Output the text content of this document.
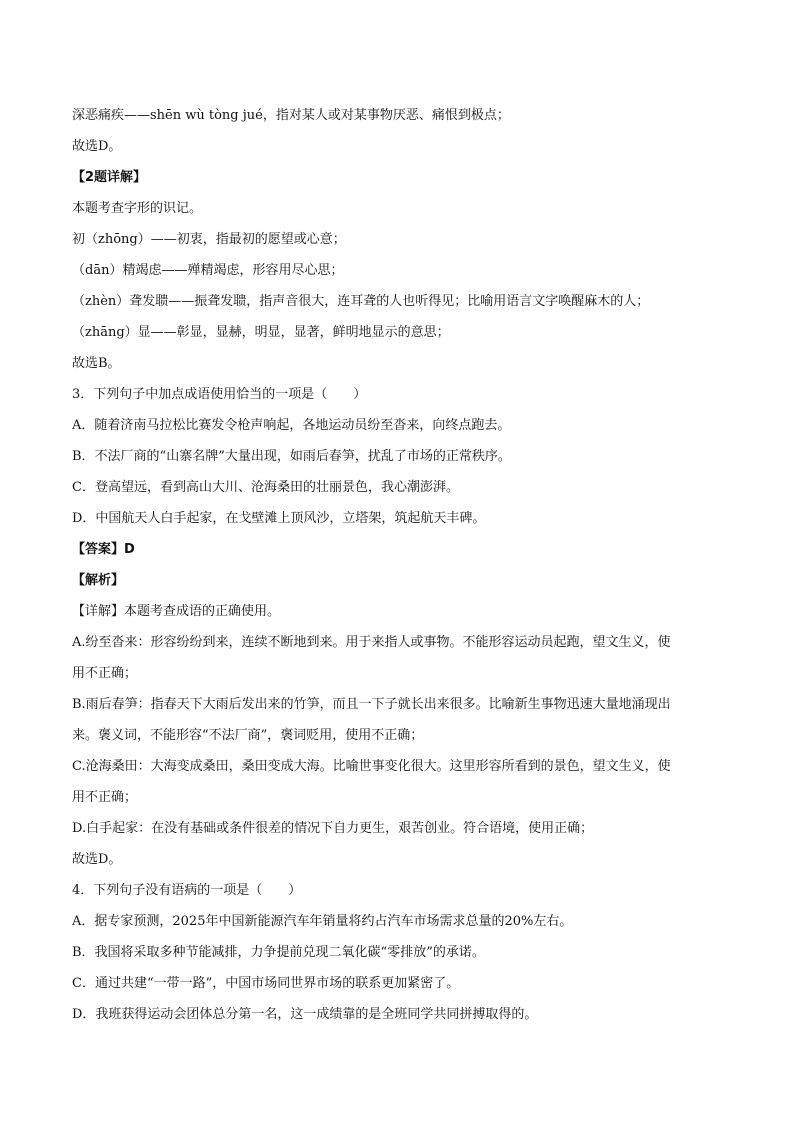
深恶痛疾——shēn wù tòng jué，指对某人或对某事物厌恶、痛恨到极点；
故选D。
【2题详解】
本题考查字形的识记。
初（zhōng）——初衷，指最初的愿望或心意；
（dān）精竭虑——殚精竭虑，形容用尽心思；
（zhèn）聋发聩——振聋发聩，指声音很大，连耳聋的人也听得见；比喻用语言文字唤醒麻木的人；
（zhāng）显——彰显，显赫，明显，显著，鲜明地显示的意思；
故选B。
3．下列句子中加点成语使用恰当的一项是（　　）
A．随着济南马拉松比赛发令枪声响起，各地运动员纷至沓来，向终点跑去。
B．不法厂商的“山寨名牌”大量出现，如雨后春笋，扰乱了市场的正常秩序。
C．登高望远，看到高山大川、沧海桑田的壮丽景色，我心潮澎湃。
D．中国航天人白手起家，在戈壁滩上顶风沙，立塔架，筑起航天丰碑。
【答案】D
【解析】
【详解】本题考查成语的正确使用。
A.纷至沓来：形容纷纷到来，连续不断地到来。用于来指人或事物。不能形容运动员起跑，望文生义，使
用不正确；
B.雨后春笋：指春天下大雨后发出来的竹笋，而且一下子就长出来很多。比喻新生事物迅速大量地涌现出
来。褒义词，不能形容“不法厂商”，褒词贬用，使用不正确；
C.沧海桑田：大海变成桑田，桑田变成大海。比喻世事变化很大。这里形容所看到的景色，望文生义，使
用不正确；
D.白手起家：在没有基础或条件很差的情况下自力更生，艰苦创业。符合语境，使用正确；
故选D。
4．下列句子没有语病的一项是（　　）
A．据专家预测，2025年中国新能源汽车年销量将约占汽车市场需求总量的20%左右。
B．我国将采取多种节能减排，力争提前兑现二氧化碳“零排放”的承诺。
C．通过共建“一带一路”，中国市场同世界市场的联系更加紧密了。
D．我班获得运动会团体总分第一名，这一成绩靠的是全班同学共同拼搏取得的。
